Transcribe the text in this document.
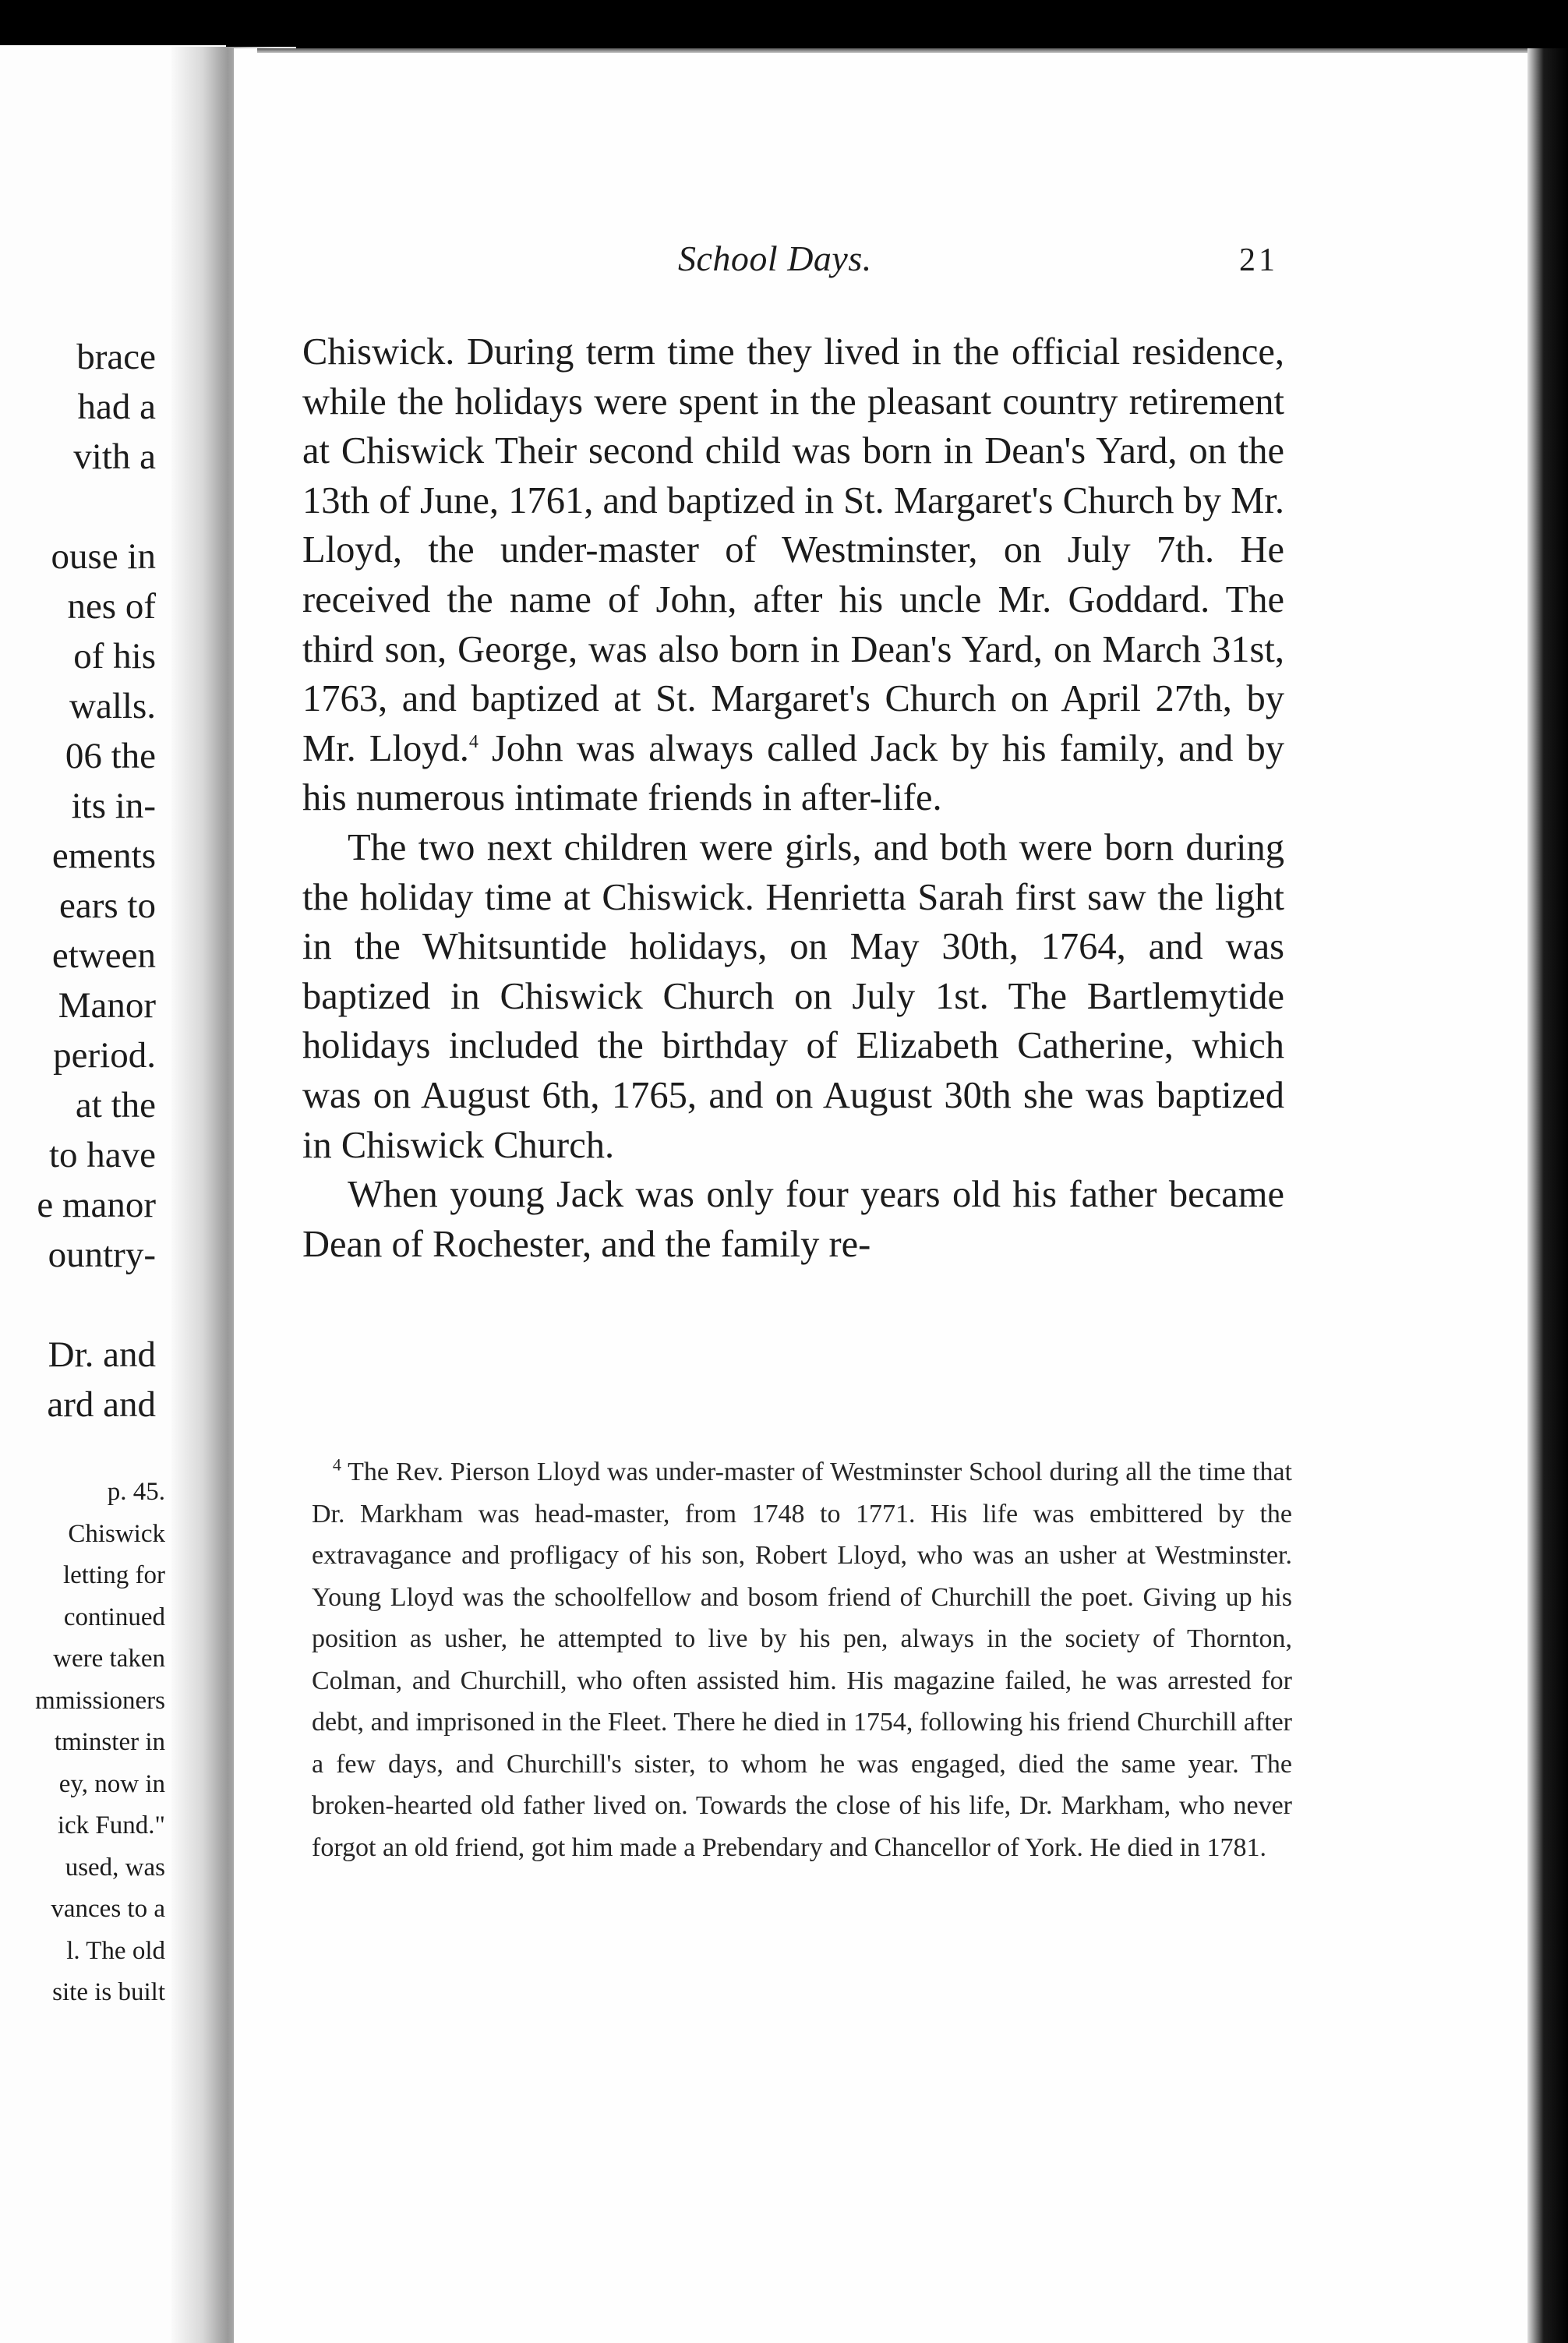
brace
had a
vith a
ouse in
nes of
of his
walls.
06 the
its in-
ements
ears to
etween
Manor
period.
at the
to have
e manor
ountry-
Dr. and
ard and
p. 45.
Chiswick
letting for
continued
were taken
mmissioners
tminster in
ey, now in
ick Fund."
used, was
vances to a
l. The old
site is built
School Days.	21

Chiswick. During term time they lived in the official residence, while the holidays were spent in the pleasant country retirement at Chiswick Their second child was born in Dean's Yard, on the 13th of June, 1761, and baptized in St. Margaret's Church by Mr. Lloyd, the under-master of Westminster, on July 7th. He received the name of John, after his uncle Mr. Goddard. The third son, George, was also born in Dean's Yard, on March 31st, 1763, and baptized at St. Margaret's Church on April 27th, by Mr. Lloyd.$^4$ John was always called Jack by his family, and by his numerous intimate friends in after-life.

The two next children were girls, and both were born during the holiday time at Chiswick. Henrietta Sarah first saw the light in the Whitsuntide holidays, on May 30th, 1764, and was baptized in Chiswick Church on July 1st. The Bartlemytide holidays included the birthday of Elizabeth Catherine, which was on August 6th, 1765, and on August 30th she was baptized in Chiswick Church.

When young Jack was only four years old his father became Dean of Rochester, and the family re-

$^4$ The Rev. Pierson Lloyd was under-master of Westminster School during all the time that Dr. Markham was head-master, from 1748 to 1771. His life was embittered by the extravagance and profligacy of his son, Robert Lloyd, who was an usher at Westminster. Young Lloyd was the schoolfellow and bosom friend of Churchill the poet. Giving up his position as usher, he attempted to live by his pen, always in the society of Thornton, Colman, and Churchill, who often assisted him. His magazine failed, he was arrested for debt, and imprisoned in the Fleet. There he died in 1754, following his friend Churchill after a few days, and Churchill's sister, to whom he was engaged, died the same year. The broken-hearted old father lived on. Towards the close of his life, Dr. Markham, who never forgot an old friend, got him made a Prebendary and Chancellor of York. He died in 1781.
